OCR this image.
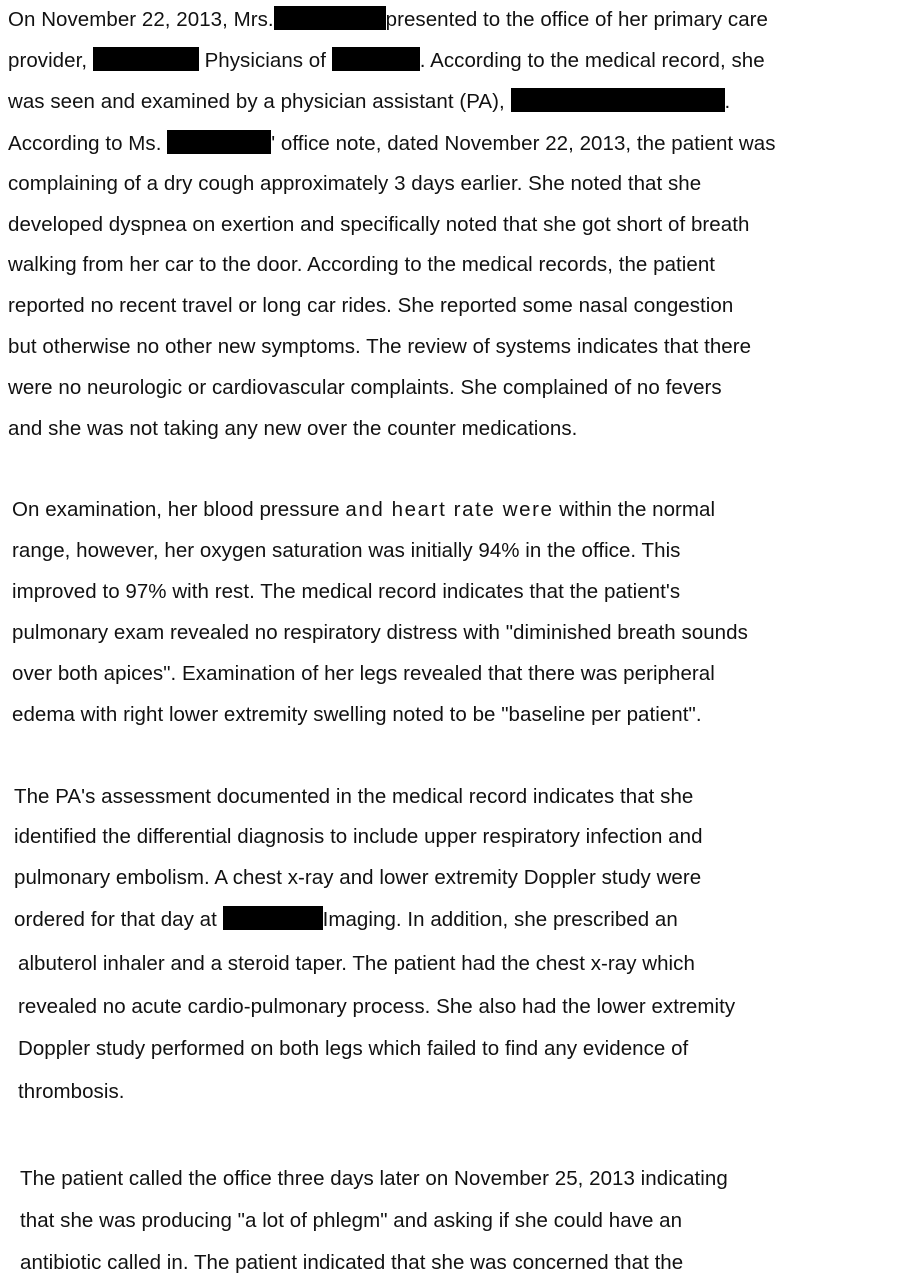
On November 22, 2013, Mrs.	presented to the office of her primary care
provider,	Physicians of	. According to the medical record, she
was seen and examined by a physician assistant (PA),	.
According to Ms.	' office note, dated November 22, 2013, the patient was
complaining of a dry cough approximately 3 days earlier. She noted that she
developed dyspnea on exertion and specifically noted that she got short of breath
walking from her car to the door. According to the medical records, the patient
reported no recent travel or long car rides. She reported some nasal congestion
but otherwise no other new symptoms. The review of systems indicates that there
were no neurologic or cardiovascular complaints. She complained of no fevers
and she was not taking any new over the counter medications.
On examination, her blood pressure and heart rate were within the normal
range, however, her oxygen saturation was initially 94% in the office. This
improved to 97% with rest. The medical record indicates that the patient's
pulmonary exam revealed no respiratory distress with "diminished breath sounds
over both apices". Examination of her legs revealed that there was peripheral
edema with right lower extremity swelling noted to be "baseline per patient".
The PA's assessment documented in the medical record indicates that she
identified the differential diagnosis to include upper respiratory infection and
pulmonary embolism. A chest x-ray and lower extremity Doppler study were
ordered for that day at	Imaging. In addition, she prescribed an
albuterol inhaler and a steroid taper. The patient had the chest x-ray which
revealed no acute cardio-pulmonary process. She also had the lower extremity
Doppler study performed on both legs which failed to find any evidence of
thrombosis.
The patient called the office three days later on November 25, 2013 indicating
that she was producing "a lot of phlegm" and asking if she could have an
antibiotic called in. The patient indicated that she was concerned that the
